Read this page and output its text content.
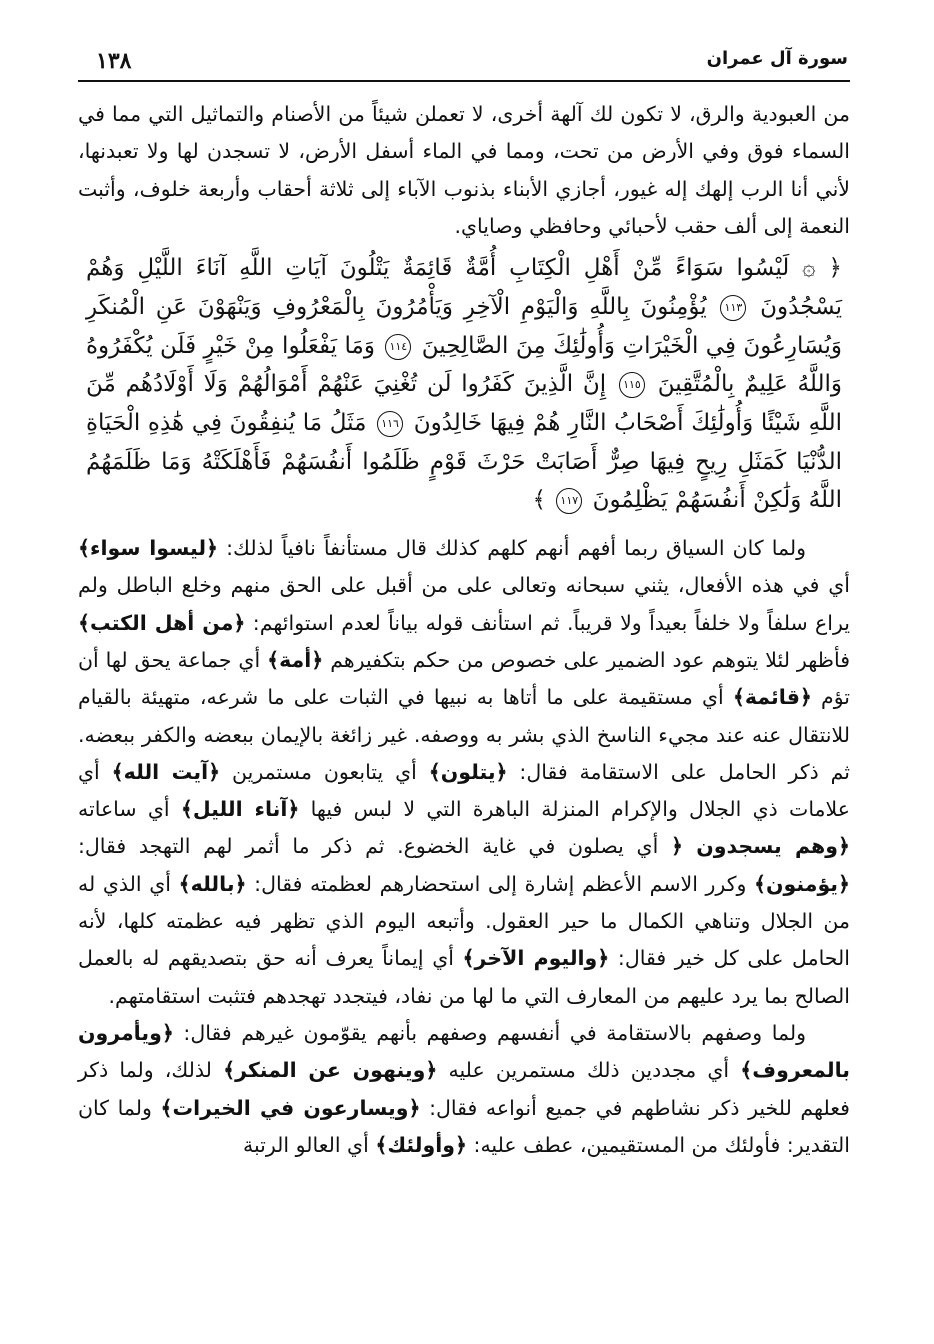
١٣٨	سورة آل عمران

من العبودية والرق، لا تكون لك آلهة أخرى، لا تعملن شيئاً من الأصنام والتماثيل التي مما في السماء فوق وفي الأرض من تحت، ومما في الماء أسفل الأرض، لا تسجدن لها ولا تعبدنها، لأني أنا الرب إلهك إله غيور، أجازي الأبناء بذنوب الآباء إلى ثلاثة أحقاب وأربعة خلوف، وأثبت النعمة إلى ألف حقب لأحبائي وحافظي وصاياي.

﴿ ۞ لَيْسُوا سَوَاءً مِّنْ أَهْلِ الْكِتَابِ أُمَّةٌ قَائِمَةٌ يَتْلُونَ آيَاتِ اللَّهِ آنَاءَ اللَّيْلِ وَهُمْ يَسْجُدُونَ ١١٣ يُؤْمِنُونَ بِاللَّهِ وَالْيَوْمِ الْآخِرِ وَيَأْمُرُونَ بِالْمَعْرُوفِ وَيَنْهَوْنَ عَنِ الْمُنكَرِ وَيُسَارِعُونَ فِي الْخَيْرَاتِ وَأُولَٰئِكَ مِنَ الصَّالِحِينَ ١١٤ وَمَا يَفْعَلُوا مِنْ خَيْرٍ فَلَن يُكْفَرُوهُ وَاللَّهُ عَلِيمٌ بِالْمُتَّقِينَ ١١٥ إِنَّ الَّذِينَ كَفَرُوا لَن تُغْنِيَ عَنْهُمْ أَمْوَالُهُمْ وَلَا أَوْلَادُهُم مِّنَ اللَّهِ شَيْئًا وَأُولَٰئِكَ أَصْحَابُ النَّارِ هُمْ فِيهَا خَالِدُونَ ١١٦ مَثَلُ مَا يُنفِقُونَ فِي هَٰذِهِ الْحَيَاةِ الدُّنْيَا كَمَثَلِ رِيحٍ فِيهَا صِرٌّ أَصَابَتْ حَرْثَ قَوْمٍ ظَلَمُوا أَنفُسَهُمْ فَأَهْلَكَتْهُ وَمَا ظَلَمَهُمُ اللَّهُ وَلَٰكِنْ أَنفُسَهُمْ يَظْلِمُونَ ١١٧ ﴾

ولما كان السياق ربما أفهم أنهم كلهم كذلك قال مستأنفاً نافياً لذلك: ﴿ليسوا سواء﴾ أي في هذه الأفعال، يثني سبحانه وتعالى على من أقبل على الحق منهم وخلع الباطل ولم يراع سلفاً ولا خلفاً بعيداً ولا قريباً. ثم استأنف قوله بياناً لعدم استوائهم: ﴿من أهل الكتب﴾ فأظهر لئلا يتوهم عود الضمير على خصوص من حكم بتكفيرهم ﴿أمة﴾ أي جماعة يحق لها أن تؤم ﴿قائمة﴾ أي مستقيمة على ما أتاها به نبيها في الثبات على ما شرعه، متهيئة بالقيام للانتقال عنه عند مجيء الناسخ الذي بشر به ووصفه. غير زائغة بالإيمان ببعضه والكفر ببعضه. ثم ذكر الحامل على الاستقامة فقال: ﴿يتلون﴾ أي يتابعون مستمرين ﴿آيت الله﴾ أي علامات ذي الجلال والإكرام المنزلة الباهرة التي لا لبس فيها ﴿آناء الليل﴾ أي ساعاته ﴿وهم يسجدون ﴿ أي يصلون في غاية الخضوع. ثم ذكر ما أثمر لهم التهجد فقال: ﴿يؤمنون﴾ وكرر الاسم الأعظم إشارة إلى استحضارهم لعظمته فقال: ﴿بالله﴾ أي الذي له من الجلال وتناهي الكمال ما حير العقول. وأتبعه اليوم الذي تظهر فيه عظمته كلها، لأنه الحامل على كل خير فقال: ﴿واليوم الآخر﴾ أي إيماناً يعرف أنه حق بتصديقهم له بالعمل الصالح بما يرد عليهم من المعارف التي ما لها من نفاد، فيتجدد تهجدهم فتثبت استقامتهم.

ولما وصفهم بالاستقامة في أنفسهم وصفهم بأنهم يقوّمون غيرهم فقال: ﴿ويأمرون بالمعروف﴾ أي مجددين ذلك مستمرين عليه ﴿وينهون عن المنكر﴾ لذلك، ولما ذكر فعلهم للخير ذكر نشاطهم في جميع أنواعه فقال: ﴿ويسارعون في الخيرات﴾ ولما كان التقدير: فأولئك من المستقيمين، عطف عليه: ﴿وأولئك﴾ أي العالو الرتبة
